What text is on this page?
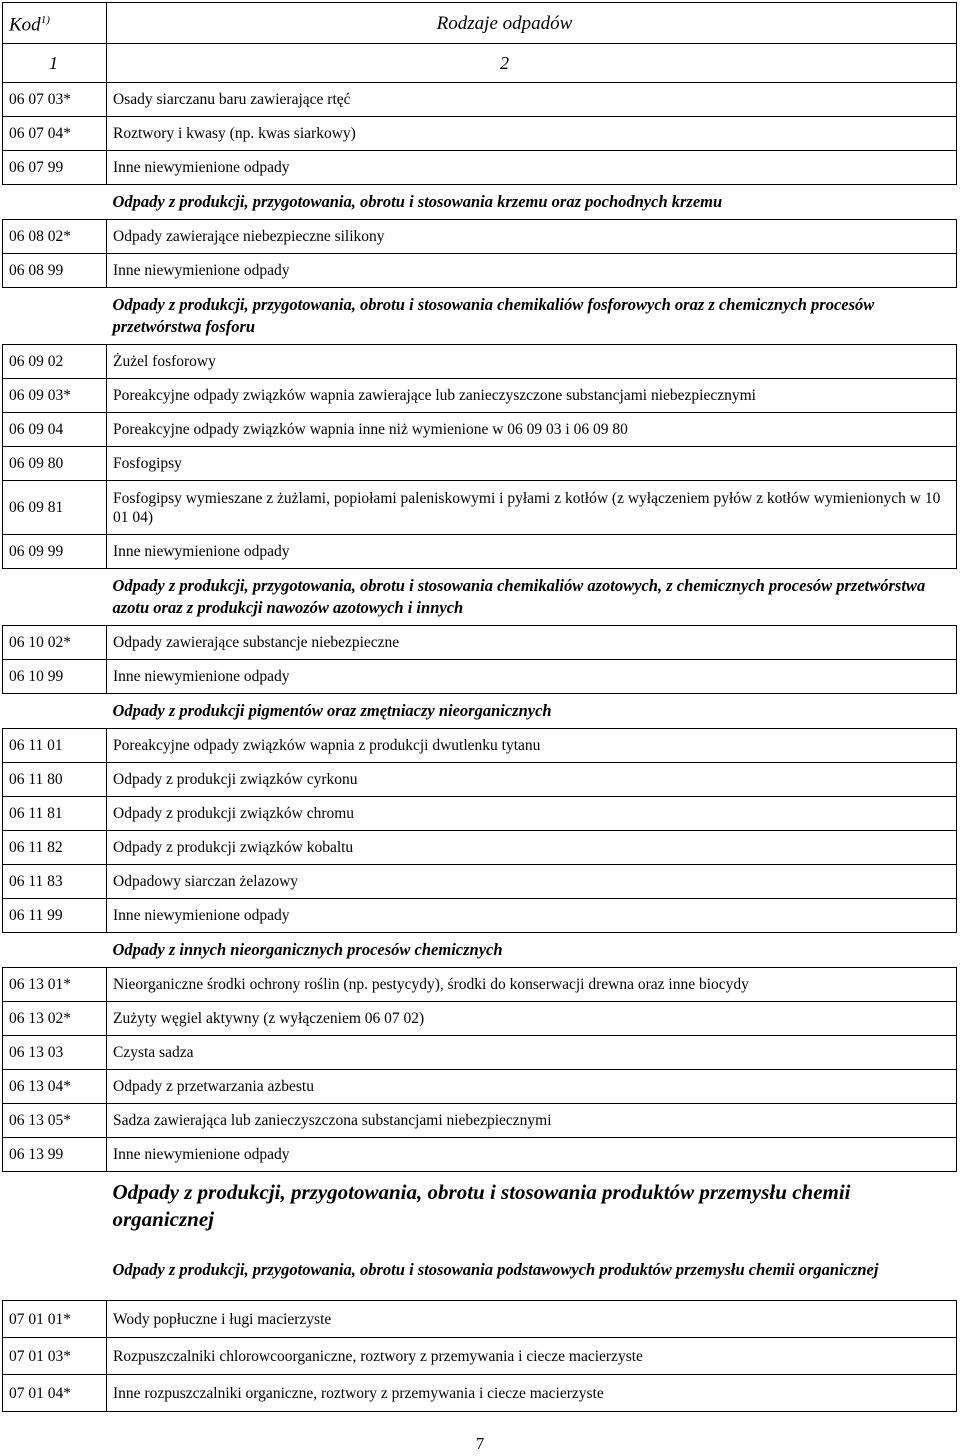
Kod$^{1)}$	Rodzaje odpadów
1	2
06 07 03*	Osady siarczanu baru zawierające rtęć
06 07 04*	Roztwory i kwasy (np. kwas siarkowy)
06 07 99	Inne niewymienione odpady
	Odpady z produkcji, przygotowania, obrotu i stosowania krzemu oraz pochodnych krzemu
06 08 02*	Odpady zawierające niebezpieczne silikony
06 08 99	Inne niewymienione odpady
	Odpady z produkcji, przygotowania, obrotu i stosowania chemikaliów fosforowych oraz z chemicznych procesów przetwórstwa fosforu
06 09 02	Żużel fosforowy
06 09 03*	Poreakcyjne odpady związków wapnia zawierające lub zanieczyszczone substancjami niebezpiecznymi
06 09 04	Poreakcyjne odpady związków wapnia inne niż wymienione w 06 09 03 i 06 09 80
06 09 80	Fosfogipsy
06 09 81	Fosfogipsy wymieszane z żużlami, popiołami paleniskowymi i pyłami z kotłów (z wyłączeniem pyłów z kotłów wymienionych w 10 01 04)
06 09 99	Inne niewymienione odpady
	Odpady z produkcji, przygotowania, obrotu i stosowania chemikaliów azotowych, z chemicznych procesów przetwórstwa azotu oraz z produkcji nawozów azotowych i innych
06 10 02*	Odpady zawierające substancje niebezpieczne
06 10 99	Inne niewymienione odpady
	Odpady z produkcji pigmentów oraz zmętniaczy nieorganicznych
06 11 01	Poreakcyjne odpady związków wapnia z produkcji dwutlenku tytanu
06 11 80	Odpady z produkcji związków cyrkonu
06 11 81	Odpady z produkcji związków chromu
06 11 82	Odpady z produkcji związków kobaltu
06 11 83	Odpadowy siarczan żelazowy
06 11 99	Inne niewymienione odpady
	Odpady z innych nieorganicznych procesów chemicznych
06 13 01*	Nieorganiczne środki ochrony roślin (np. pestycydy), środki do konserwacji drewna oraz inne biocydy
06 13 02*	Zużyty węgiel aktywny (z wyłączeniem 06 07 02)
06 13 03	Czysta sadza
06 13 04*	Odpady z przetwarzania azbestu
06 13 05*	Sadza zawierająca lub zanieczyszczona substancjami niebezpiecznymi
06 13 99	Inne niewymienione odpady
	Odpady z produkcji, przygotowania, obrotu i stosowania produktów przemysłu chemii organicznej
	Odpady z produkcji, przygotowania, obrotu i stosowania podstawowych produktów przemysłu chemii organicznej
07 01 01*	Wody popłuczne i ługi macierzyste
07 01 03*	Rozpuszczalniki chlorowcoorganiczne, roztwory z przemywania i ciecze macierzyste
07 01 04*	Inne rozpuszczalniki organiczne, roztwory z przemywania i ciecze macierzyste
7
